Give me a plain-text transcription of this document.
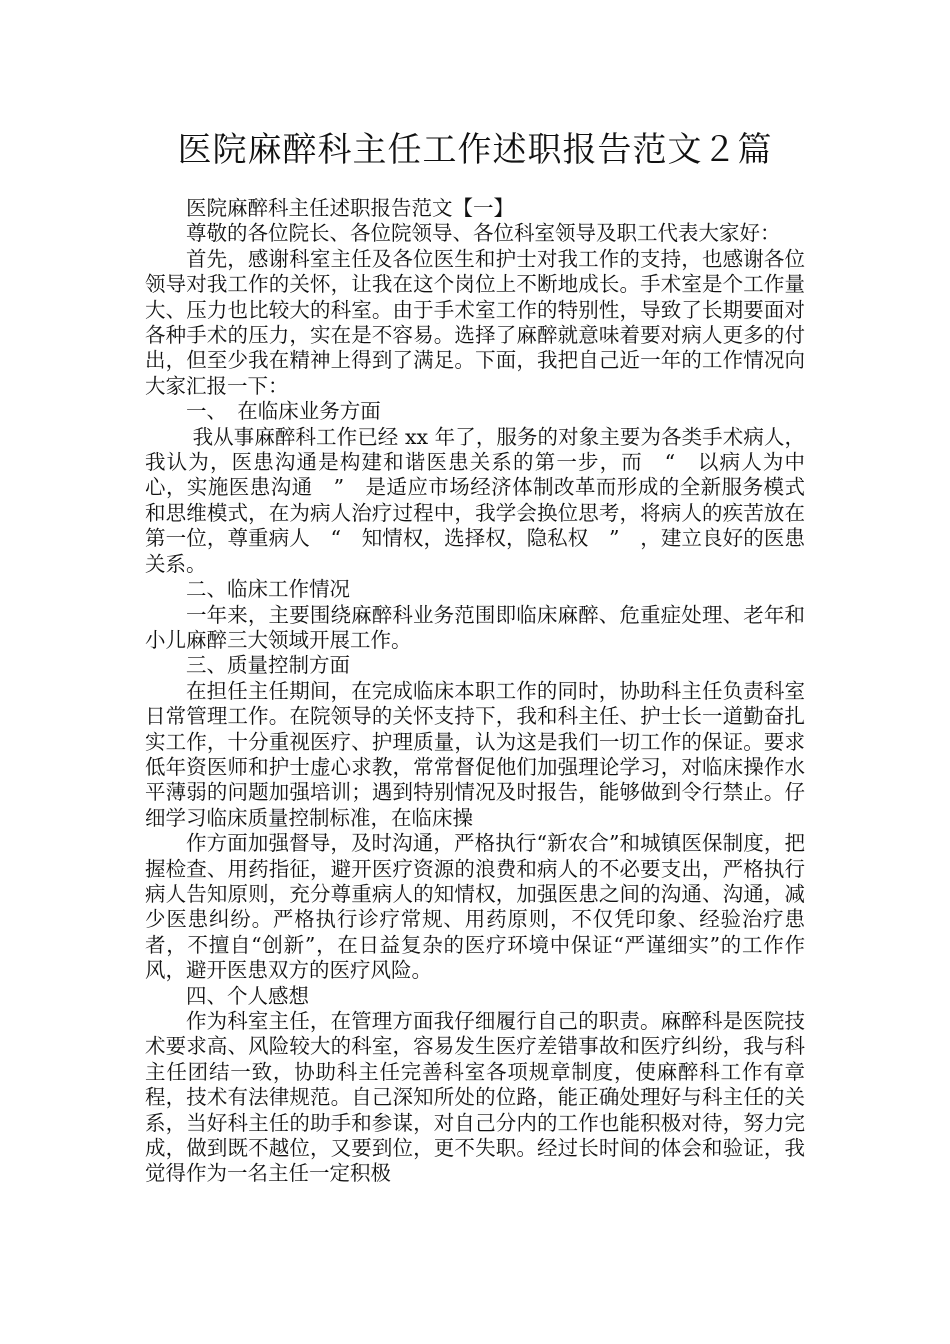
医院麻醉科主任工作述职报告范文２篇

医院麻醉科主任述职报告范文【一】

尊敬的各位院长、各位院领导、各位科室领导及职工代表大家好：

首先，感谢科室主任及各位医生和护士对我工作的支持，也感谢各位领导对我工作的关怀，让我在这个岗位上不断地成长。手术室是个工作量大、压力也比较大的科室。由于手术室工作的特别性，导致了长期要面对各种手术的压力，实在是不容易。选择了麻醉就意味着要对病人更多的付出，但至少我在精神上得到了满足。下面，我把自己近一年的工作情况向大家汇报一下：

一、　在临床业务方面

我从事麻醉科工作已经 xx 年了，服务的对象主要为各类手术病人，我认为，医患沟通是构建和谐医患关系的第一步，而　“　以病人为中心，实施医患沟通　”　是适应市场经济体制改革而形成的全新服务模式和思维模式，在为病人治疗过程中，我学会换位思考，将病人的疾苦放在第一位，尊重病人　“　知情权，选择权，隐私权　”　，建立良好的医患关系。

二、临床工作情况

一年来，主要围绕麻醉科业务范围即临床麻醉、危重症处理、老年和小儿麻醉三大领域开展工作。

三、质量控制方面

在担任主任期间，在完成临床本职工作的同时，协助科主任负责科室日常管理工作。在院领导的关怀支持下，我和科主任、护士长一道勤奋扎实工作，十分重视医疗、护理质量，认为这是我们一切工作的保证。要求低年资医师和护士虚心求教，常常督促他们加强理论学习，对临床操作水平薄弱的问题加强培训；遇到特别情况及时报告，能够做到令行禁止。仔细学习临床质量控制标准，在临床操

作方面加强督导，及时沟通，严格执行“新农合”和城镇医保制度，把握检查、用药指征，避开医疗资源的浪费和病人的不必要支出，严格执行病人告知原则，充分尊重病人的知情权，加强医患之间的沟通、沟通，减少医患纠纷。严格执行诊疗常规、用药原则，不仅凭印象、经验治疗患者，不擅自“创新”，在日益复杂的医疗环境中保证“严谨细实”的工作作风，避开医患双方的医疗风险。

四、个人感想

作为科室主任，在管理方面我仔细履行自己的职责。麻醉科是医院技术要求高、风险较大的科室，容易发生医疗差错事故和医疗纠纷，我与科主任团结一致，协助科主任完善科室各项规章制度，使麻醉科工作有章程，技术有法律规范。自己深知所处的位路，能正确处理好与科主任的关系，当好科主任的助手和参谋，对自己分内的工作也能积极对待，努力完成，做到既不越位，又要到位，更不失职。经过长时间的体会和验证，我觉得作为一名主任一定积极
